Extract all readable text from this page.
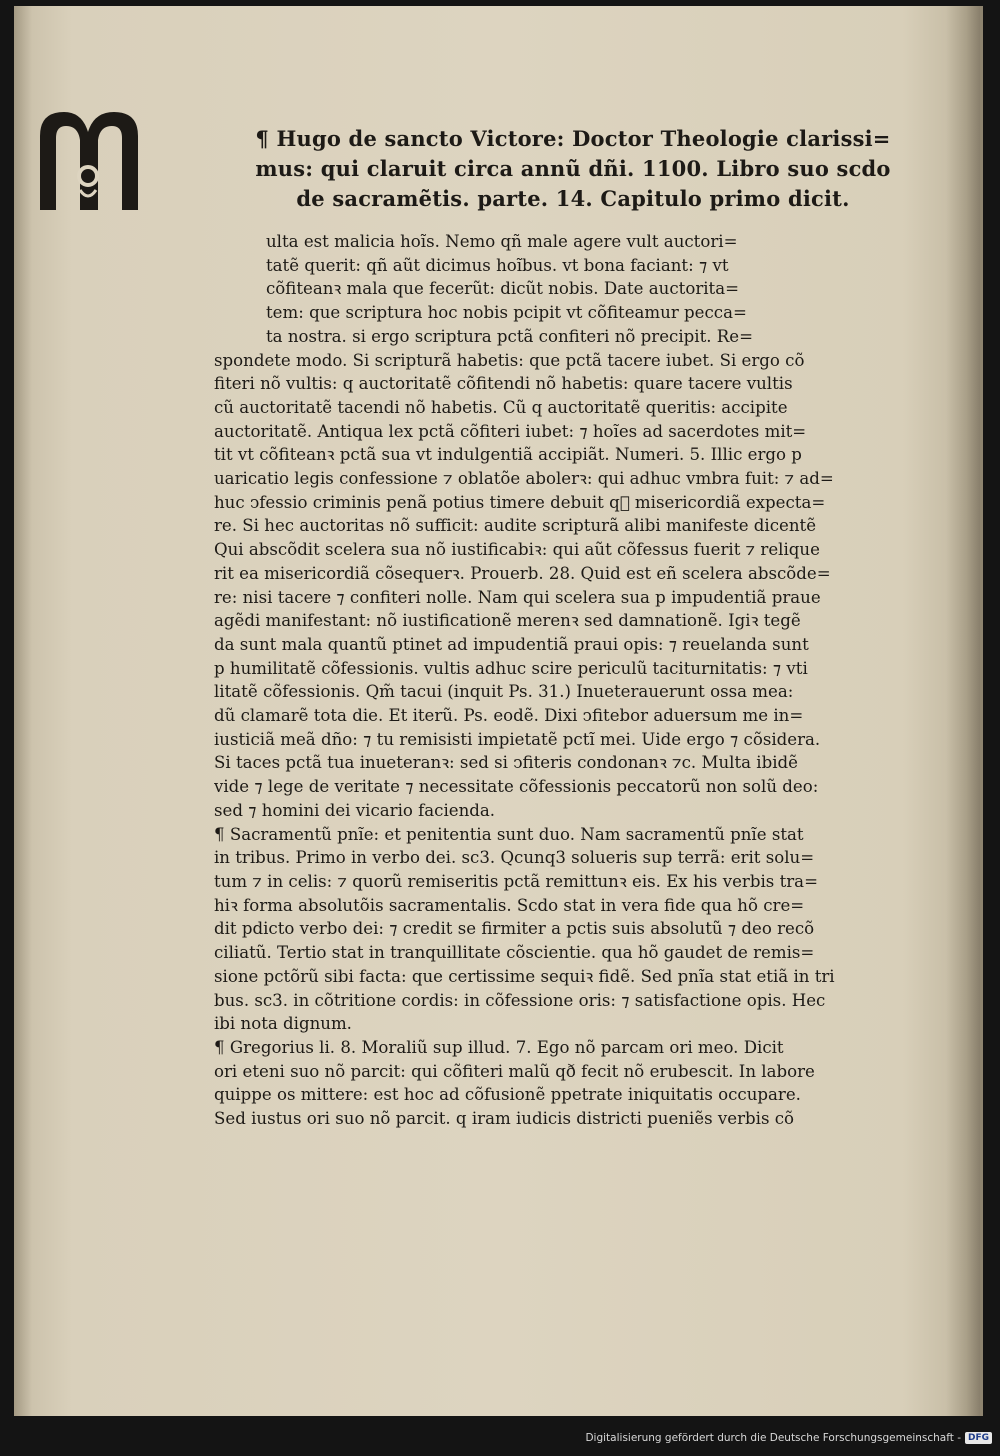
¶ Hugo de sancto Victore: Doctor Theologie clarissi=
mus: qui claruit circa annũ dñi. 1100. Libro suo scdo
de sacramẽtis. parte. 14. Capitulo primo dicit.
ulta est malicia hoĩs. Nemo qñ male agere vult auctori=
tatẽ querit: qñ aũt dicimus hoĩbus. vt bona faciant: ⁊ vt
cõfiteanꝛ mala que fecerũt: dicũt nobis. Date auctorita=
tem: que scriptura hoc nobis pcipit vt cõfiteamur pecca=
ta nostra. si ergo scriptura pctã confiteri nõ precipit. Re=
spondete modo. Si scripturã habetis: que pctã tacere iubet. Si ergo cõ
fiteri nõ vultis: q auctoritatẽ cõfitendi nõ habetis: quare tacere vultis
cũ auctoritatẽ tacendi nõ habetis. Cũ q auctoritatẽ queritis: accipite
auctoritatẽ. Antiqua lex pctã cõfiteri iubet: ⁊ hoĩes ad sacerdotes mit=
tit vt cõfiteanꝛ pctã sua vt indulgentiã accipiãt. Numeri. 5. Illic ergo p
uaricatio legis confessione ⁊ oblatõe abolerꝛ: qui adhuc vmbra fuit: ⁊ ad=
huc ↄfessio criminis penã potius timere debuit qᷓ misericordiã expecta=
re. Si hec auctoritas nõ sufficit: audite scripturã alibi manifeste dicentẽ
Qui abscõdit scelera sua nõ iustificabiꝛ: qui aũt cõfessus fuerit ⁊ relique
rit ea misericordiã cõsequerꝛ. Prouerb. 28. Quid est eñ scelera abscõde=
re: nisi tacere ⁊ confiteri nolle. Nam qui scelera sua p impudentiã praue
agẽdi manifestant: nõ iustificationẽ merenꝛ sed damnationẽ. Igiꝛ tegẽ
da sunt mala quantũ ptinet ad impudentiã praui opis: ⁊ reuelanda sunt
p humilitatẽ cõfessionis. vultis adhuc scire periculũ taciturnitatis: ⁊ vti
litatẽ cõfessionis. Qm̃ tacui (inquit Ps. 31.) Inueterauerunt ossa mea:
dũ clamarẽ tota die. Et iterũ. Ps. eodẽ. Dixi ↄfitebor aduersum me in=
iusticiã meã dño: ⁊ tu remisisti impietatẽ pctĩ mei. Uide ergo ⁊ cõsidera.
Si taces pctã tua inueteranꝛ: sed si ↄfiteris condonanꝛ ⁊c. Multa ibidẽ
vide ⁊ lege de veritate ⁊ necessitate cõfessionis peccatorũ non solũ deo:
sed ⁊ homini dei vicario facienda.
¶ Sacramentũ pnĩe: et penitentia sunt duo. Nam sacramentũ pnĩe stat
in tribus. Primo in verbo dei. sc3. Qcunq3 solueris sup terrã: erit solu=
tum ⁊ in celis: ⁊ quorũ remiseritis pctã remittunꝛ eis. Ex his verbis tra=
hiꝛ forma absolutõis sacramentalis. Scdo stat in vera fide qua hõ cre=
dit pdicto verbo dei: ⁊ credit se firmiter a pctis suis absolutũ ⁊ deo recõ
ciliatũ. Tertio stat in tranquillitate cõscientie. qua hõ gaudet de remis=
sione pctõrũ sibi facta: que certissime sequiꝛ fidẽ. Sed pnĩa stat etiã in tri
bus. sc3. in cõtritione cordis: in cõfessione oris: ⁊ satisfactione opis. Hec
ibi nota dignum.
¶ Gregorius li. 8. Moraliũ sup illud. 7. Ego nõ parcam ori meo. Dicit
ori eteni suo nõ parcit: qui cõfiteri malũ qð fecit nõ erubescit. In labore
quippe os mittere: est hoc ad cõfusionẽ ppetrate iniquitatis occupare.
Sed iustus ori suo nõ parcit. q iram iudicis districti pueniẽs verbis cõ
Digitalisierung gefördert durch die Deutsche Forschungsgemeinschaft - DFG
